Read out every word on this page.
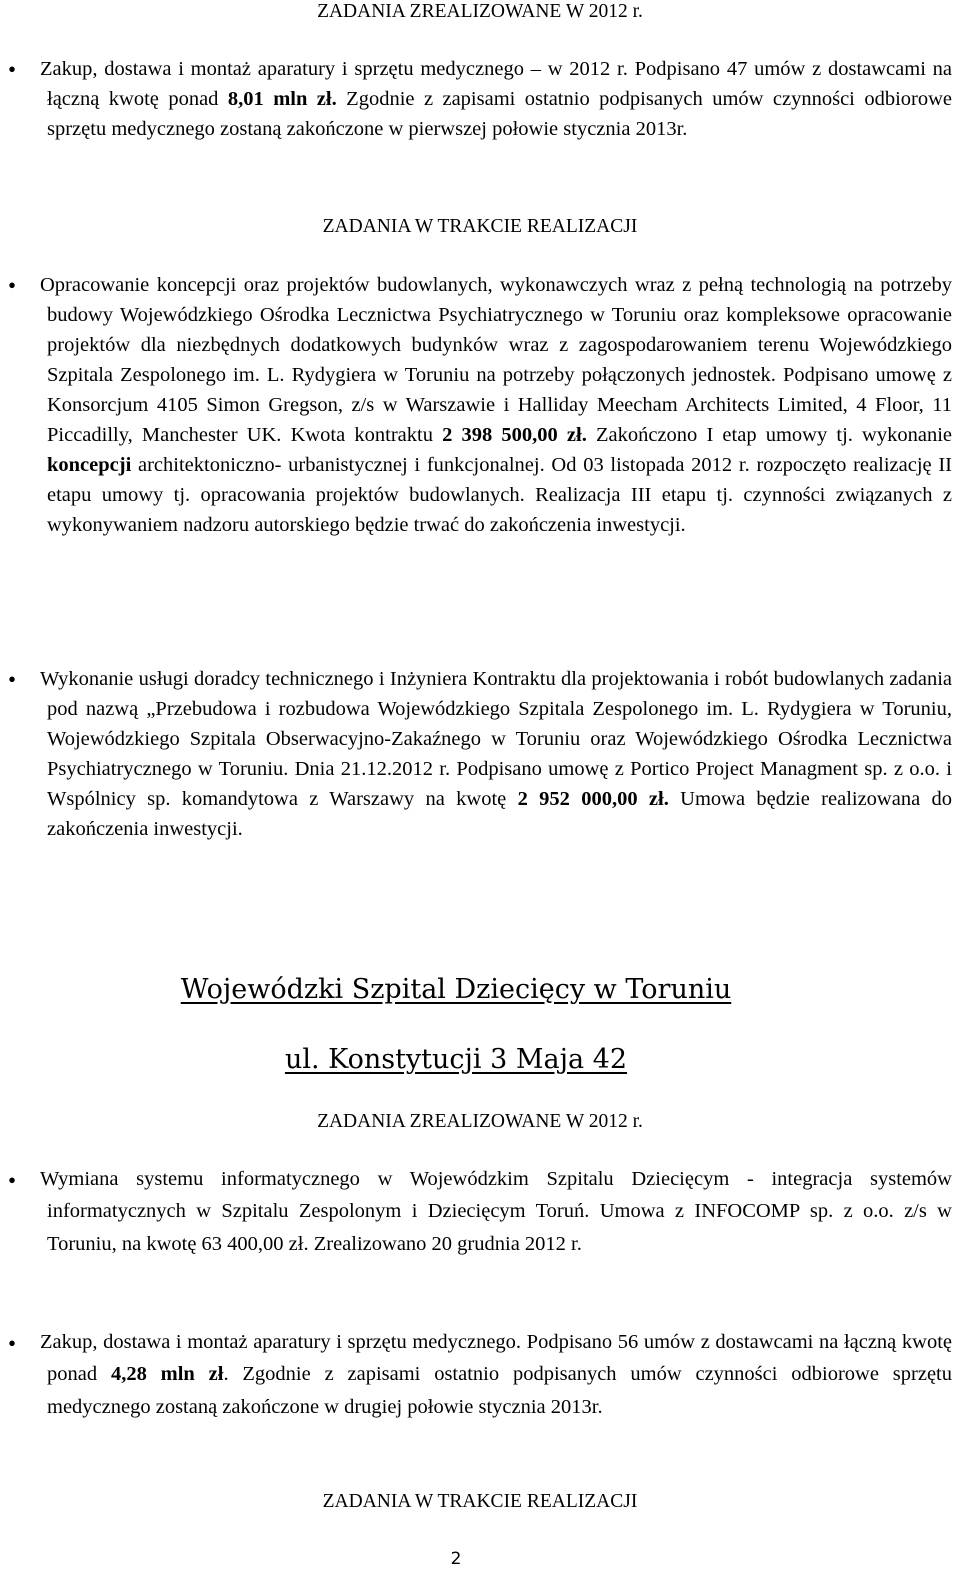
ZADANIA ZREALIZOWANE W 2012 r.
Zakup, dostawa i montaż aparatury i sprzętu medycznego – w 2012 r. Podpisano 47 umów z dostawcami na łączną kwotę ponad 8,01 mln zł. Zgodnie z zapisami ostatnio podpisanych umów czynności odbiorowe sprzętu medycznego zostaną zakończone w pierwszej połowie stycznia 2013r.
ZADANIA W TRAKCIE REALIZACJI
Opracowanie koncepcji oraz projektów budowlanych, wykonawczych wraz z pełną technologią na potrzeby budowy Wojewódzkiego Ośrodka Lecznictwa Psychiatrycznego w Toruniu oraz kompleksowe opracowanie projektów dla niezbędnych dodatkowych budynków wraz z zagospodarowaniem terenu Wojewódzkiego Szpitala Zespolonego im. L. Rydygiera w Toruniu na potrzeby połączonych jednostek. Podpisano umowę z Konsorcjum 4105 Simon Gregson, z/s w Warszawie i Halliday Meecham Architects Limited, 4 Floor, 11 Piccadilly, Manchester UK. Kwota kontraktu 2 398 500,00 zł. Zakończono I etap umowy tj. wykonanie koncepcji architektoniczno- urbanistycznej i funkcjonalnej. Od 03 listopada 2012 r. rozpoczęto realizację II etapu umowy tj. opracowania projektów budowlanych. Realizacja III etapu tj. czynności związanych z wykonywaniem nadzoru autorskiego będzie trwać do zakończenia inwestycji.
Wykonanie usługi doradcy technicznego i Inżyniera Kontraktu dla projektowania i robót budowlanych zadania pod nazwą „Przebudowa i rozbudowa Wojewódzkiego Szpitala Zespolonego im. L. Rydygiera w Toruniu, Wojewódzkiego Szpitala Obserwacyjno-Zakaźnego w Toruniu oraz Wojewódzkiego Ośrodka Lecznictwa Psychiatrycznego w Toruniu. Dnia 21.12.2012 r. Podpisano umowę z Portico Project Managment sp. z o.o. i Wspólnicy sp. komandytowa z Warszawy na kwotę 2 952 000,00 zł. Umowa będzie realizowana do zakończenia inwestycji.
Wojewódzki Szpital Dziecięcy w Toruniu
ul. Konstytucji 3 Maja 42
ZADANIA ZREALIZOWANE W 2012 r.
Wymiana systemu informatycznego w Wojewódzkim Szpitalu Dziecięcym - integracja systemów informatycznych w Szpitalu Zespolonym i Dziecięcym Toruń. Umowa z INFOCOMP sp. z o.o. z/s w Toruniu, na kwotę 63 400,00 zł. Zrealizowano 20 grudnia 2012 r.
Zakup, dostawa i montaż aparatury i sprzętu medycznego. Podpisano 56 umów z dostawcami na łączną kwotę ponad 4,28 mln zł. Zgodnie z zapisami ostatnio podpisanych umów czynności odbiorowe sprzętu medycznego zostaną zakończone w drugiej połowie stycznia 2013r.
ZADANIA W TRAKCIE REALIZACJI
2
